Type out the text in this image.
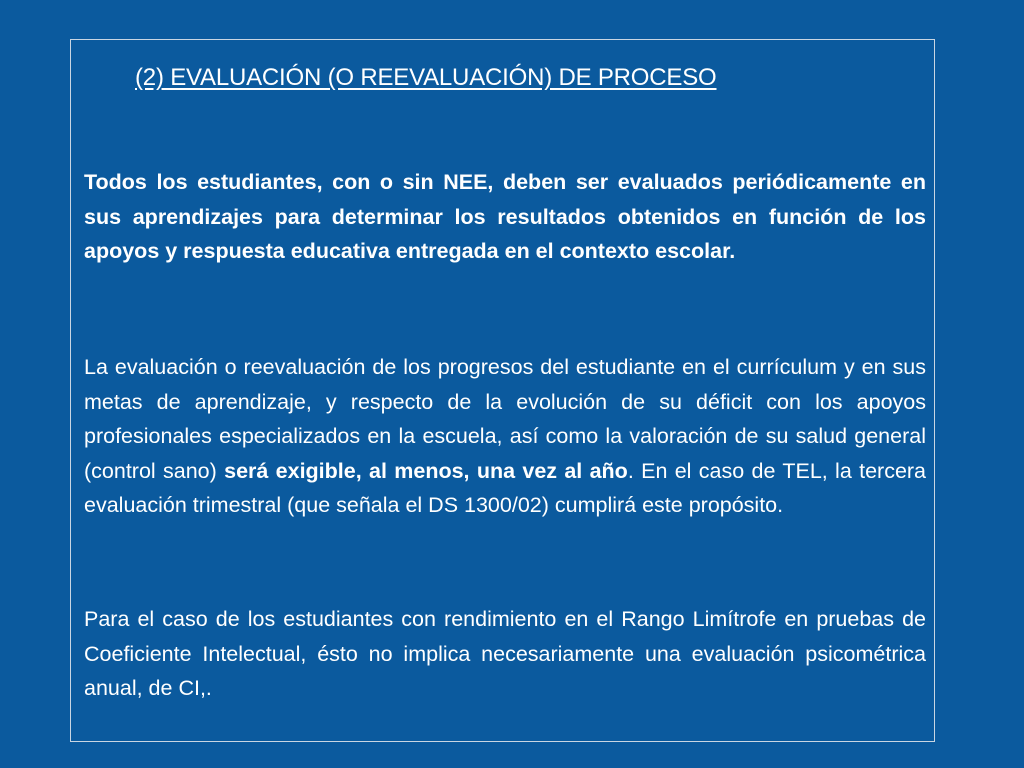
(2) EVALUACIÓN (O REEVALUACIÓN) DE PROCESO
Todos los estudiantes, con o sin NEE, deben ser evaluados periódicamente en sus aprendizajes para determinar los resultados obtenidos en función de los apoyos y respuesta educativa entregada en el contexto escolar.
La evaluación o reevaluación de los progresos del estudiante en el currículum y en sus metas de aprendizaje, y respecto de la evolución de su déficit con los apoyos profesionales especializados en la escuela, así como la valoración de su salud general (control sano) será exigible, al menos, una vez al año. En el caso de TEL, la tercera evaluación trimestral (que señala el DS 1300/02) cumplirá este propósito.
Para el caso de los estudiantes con rendimiento en el Rango Limítrofe en pruebas de Coeficiente Intelectual, ésto no implica necesariamente una evaluación psicométrica anual, de CI,.
